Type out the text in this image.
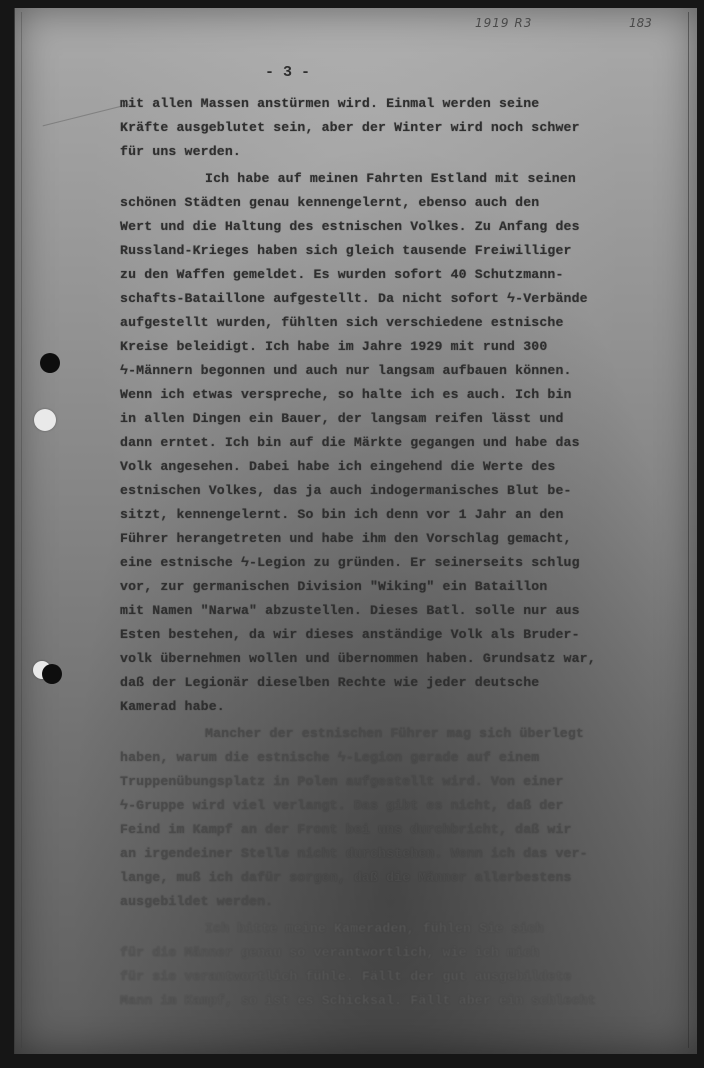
1919 R3	183
- 3 -
mit allen Massen anstürmen wird. Einmal werden seine
Kräfte ausgeblutet sein, aber der Winter wird noch schwer
für uns werden.
Ich habe auf meinen Fahrten Estland mit seinen
schönen Städten genau kennengelernt, ebenso auch den
Wert und die Haltung des estnischen Volkes. Zu Anfang des
Russland-Krieges haben sich gleich tausende Freiwilliger
zu den Waffen gemeldet. Es wurden sofort 40 Schutzmann-
schafts-Bataillone aufgestellt. Da nicht sofort ϟ-Verbände
aufgestellt wurden, fühlten sich verschiedene estnische
Kreise beleidigt. Ich habe im Jahre 1929 mit rund 300
ϟ-Männern begonnen und auch nur langsam aufbauen können.
Wenn ich etwas verspreche, so halte ich es auch. Ich bin
in allen Dingen ein Bauer, der langsam reifen lässt und
dann erntet. Ich bin auf die Märkte gegangen und habe das
Volk angesehen. Dabei habe ich eingehend die Werte des
estnischen Volkes, das ja auch indogermanisches Blut be-
sitzt, kennengelernt. So bin ich denn vor 1 Jahr an den
Führer herangetreten und habe ihm den Vorschlag gemacht,
eine estnische ϟ-Legion zu gründen. Er seinerseits schlug
vor, zur germanischen Division "Wiking" ein Bataillon
mit Namen "Narwa" abzustellen. Dieses Batl. solle nur aus
Esten bestehen, da wir dieses anständige Volk als Bruder-
volk übernehmen wollen und übernommen haben. Grundsatz war,
daß der Legionär dieselben Rechte wie jeder deutsche
Kamerad habe.
Mancher der estnischen Führer mag sich überlegt
haben, warum die estnische ϟ-Legion gerade auf einem
Truppenübungsplatz in Polen aufgestellt wird. Von einer
ϟ-Gruppe wird viel verlangt. Das gibt es nicht, daß der
Feind im Kampf an der Front bei uns durchbricht, daß wir
an irgendeiner Stelle nicht durchstehen. Wenn ich das ver-
lange, muß ich dafür sorgen, daß die Männer allerbestens
ausgebildet werden.
Ich bitte meine Kameraden, fühlen Sie sich
für die Männer genau so verantwortlich, wie ich mich
für sie verantwortlich fühle. Fällt der gut ausgebildete
Mann im Kampf, so ist es Schicksal. Fällt aber ein schlecht
